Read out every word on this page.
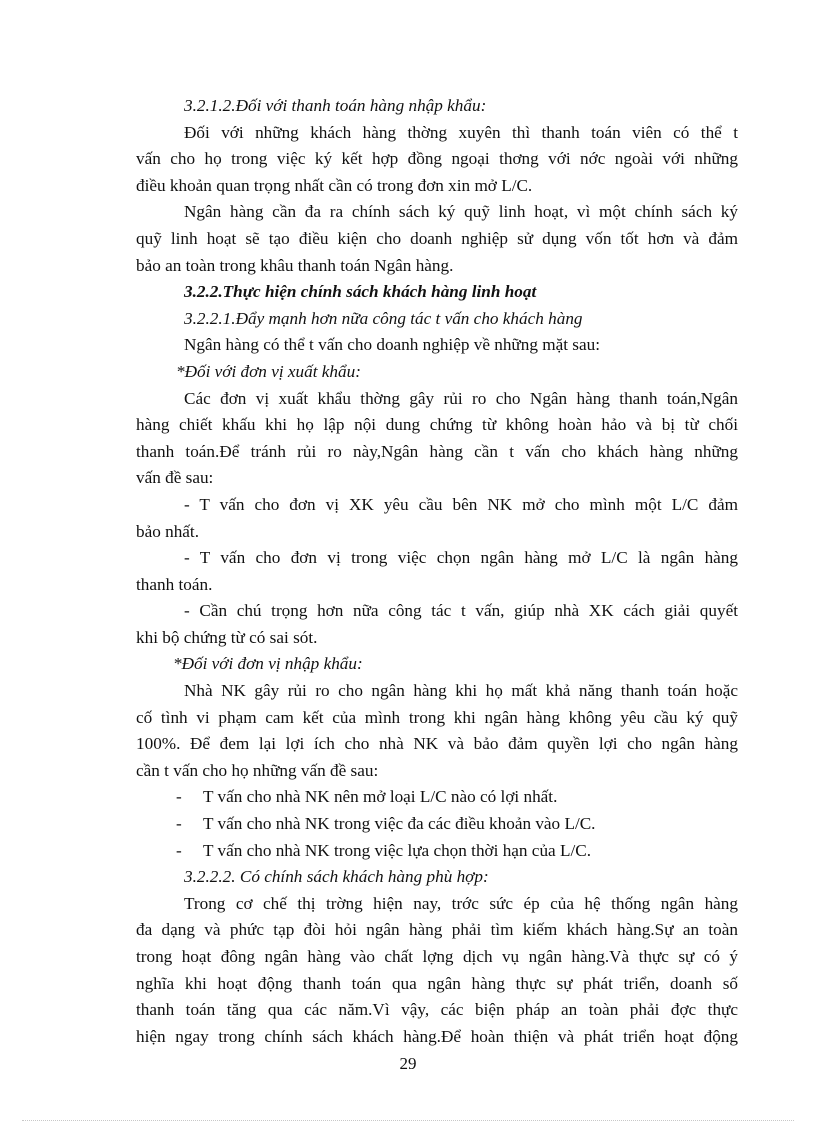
3.2.1.2.Đối với thanh toán hàng nhập khẩu:
Đối với những khách hàng thờng xuyên thì thanh toán viên có thể t
vấn cho họ trong việc ký kết hợp đồng ngoại thơng với nớc ngoài với những
điều khoản quan trọng nhất cần có trong đơn xin mở L/C.
Ngân hàng cần đa ra chính sách ký quỹ linh hoạt, vì một chính sách ký
quỹ linh hoạt sẽ tạo điều kiện cho doanh nghiệp sử dụng vốn tốt hơn và đảm
bảo an toàn trong khâu thanh toán Ngân hàng.
3.2.2.Thực hiện chính sách khách hàng linh hoạt
3.2.2.1.Đẩy mạnh hơn nữa công tác t vấn cho khách hàng
Ngân hàng có thể t vấn cho doanh nghiệp về những mặt sau:
*Đối với đơn vị xuất khẩu:
Các đơn vị xuất khẩu thờng gây rủi ro cho Ngân hàng thanh toán,Ngân
hàng chiết khấu khi họ lập nội dung chứng từ không hoàn hảo và bị từ chối
thanh toán.Để tránh rủi ro này,Ngân hàng cần t vấn cho khách hàng những
vấn đề sau:
- T vấn cho đơn vị XK yêu cầu bên NK mở cho mình một L/C đảm
bảo nhất.
- T vấn cho đơn vị trong việc chọn ngân hàng mở L/C là ngân hàng
thanh toán.
- Cần chú trọng hơn nữa công tác t vấn, giúp nhà XK cách giải quyết
khi bộ chứng từ có sai sót.
*Đối với đơn vị nhập khẩu:
Nhà NK gây rủi ro cho ngân hàng khi họ mất khả năng thanh toán hoặc
cố tình vi phạm cam kết của mình trong khi ngân hàng không yêu cầu ký quỹ
100%. Để đem lại lợi ích cho nhà NK và bảo đảm quyền lợi cho ngân hàng
cần t vấn cho họ những vấn đề sau:
- T vấn cho nhà NK nên mở loại L/C nào có lợi nhất.
- T vấn cho nhà NK trong việc đa các điều khoản vào L/C.
- T vấn cho nhà NK trong việc lựa chọn thời hạn của L/C.
3.2.2.2. Có chính sách khách hàng phù hợp:
Trong cơ chế thị trờng hiện nay, trớc sức ép của hệ thống ngân hàng
đa dạng và phức tạp đòi hỏi ngân hàng phải tìm kiếm khách hàng.Sự an toàn
trong hoạt đông ngân hàng vào chất lợng dịch vụ ngân hàng.Và thực sự có ý
nghĩa khi hoạt động thanh toán qua ngân hàng thực sự phát triển, doanh số
thanh toán tăng qua các năm.Vì vậy, các biện pháp an toàn phải đợc thực
hiện ngay trong chính sách khách hàng.Để hoàn thiện và phát triển hoạt động
29
